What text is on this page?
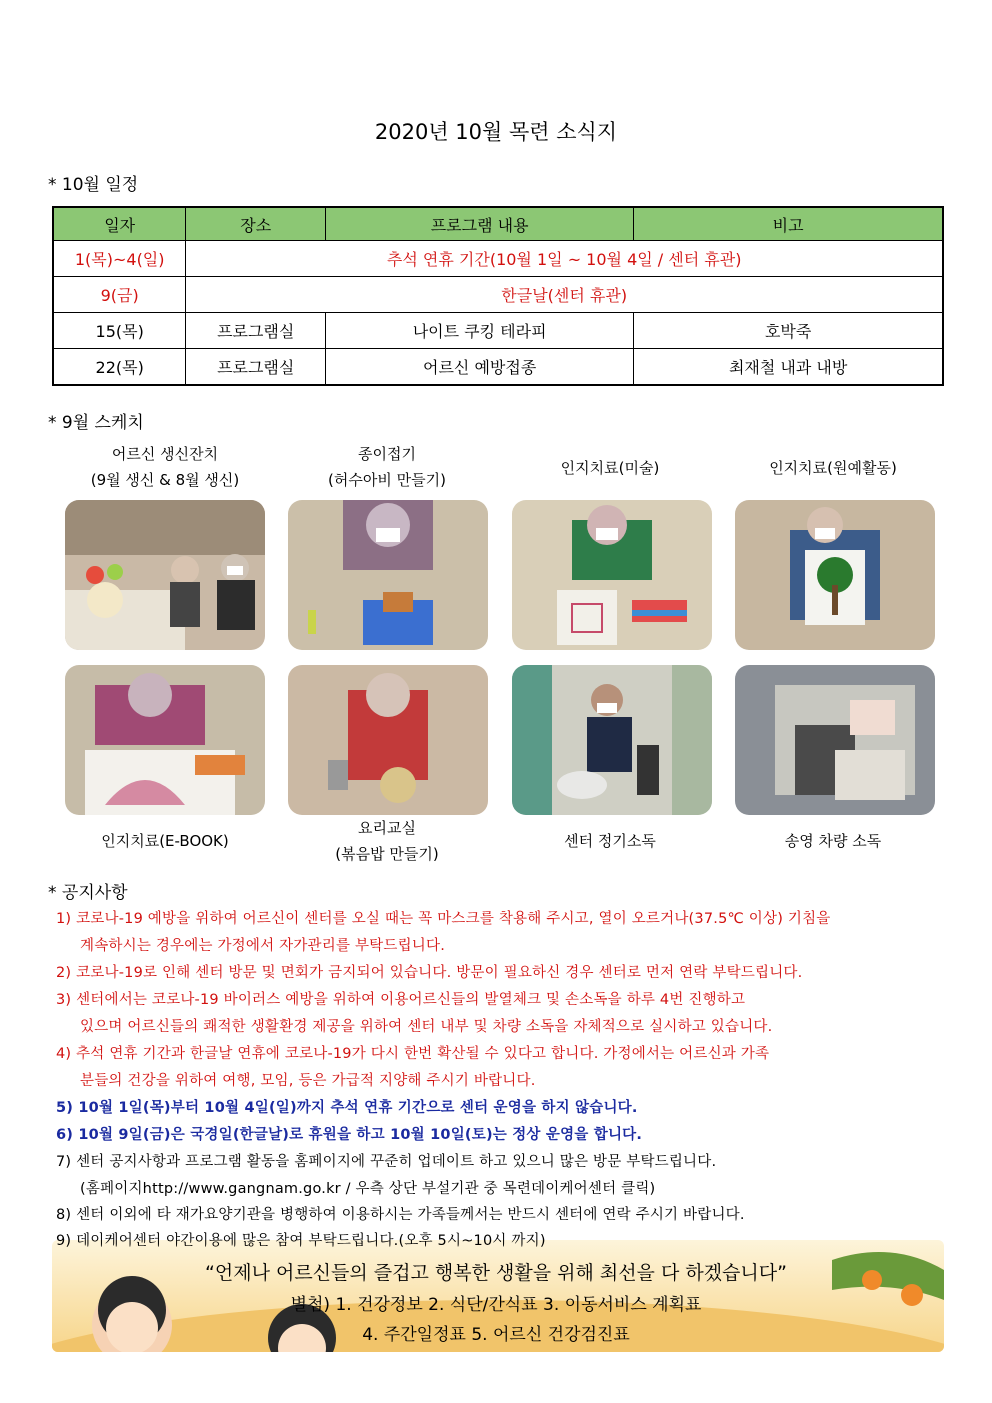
2020년 10월 목련 소식지
* 10월 일정
일자	장소	프로그램 내용	비고
1(목)~4(일)	추석 연휴 기간(10월 1일 ~ 10월 4일 / 센터 휴관)		
9(금)	한글날(센터 휴관)		
15(목)	프로그램실	나이트 쿠킹 테라피	호박죽
22(목)	프로그램실	어르신 예방접종	최재철 내과 내방
* 9월 스케치
어르신 생신잔치
(9월 생신 & 8월 생신)
종이접기
(허수아비 만들기)
인지치료(미술)	인지치료(원예활동)
인지치료(E-BOOK)
요리교실
(볶음밥 만들기)
센터 정기소독	송영 차량 소독
* 공지사항
1) 코로나-19 예방을 위하여 어르신이 센터를 오실 때는 꼭 마스크를 착용해 주시고, 열이 오르거나(37.5℃ 이상) 기침을
계속하시는 경우에는 가정에서 자가관리를 부탁드립니다.
2) 코로나-19로 인해 센터 방문 및 면회가 금지되어 있습니다. 방문이 필요하신 경우 센터로 먼저 연락 부탁드립니다.
3) 센터에서는 코로나-19 바이러스 예방을 위하여 이용어르신들의 발열체크 및 손소독을 하루 4번 진행하고
있으며 어르신들의 쾌적한 생활환경 제공을 위하여 센터 내부 및 차량 소독을 자체적으로 실시하고 있습니다.
4) 추석 연휴 기간과 한글날 연휴에 코로나-19가 다시 한번 확산될 수 있다고 합니다. 가정에서는 어르신과 가족
분들의 건강을 위하여 여행, 모임, 등은 가급적 지양해 주시기 바랍니다.
5) 10월 1일(목)부터 10월 4일(일)까지 추석 연휴 기간으로 센터 운영을 하지 않습니다.
6) 10월 9일(금)은 국경일(한글날)로 휴원을 하고 10월 10일(토)는 정상 운영을 합니다.
7) 센터 공지사항과 프로그램 활동을 홈페이지에 꾸준히 업데이트 하고 있으니 많은 방문 부탁드립니다.
(홈페이지http://www.gangnam.go.kr / 우측 상단 부설기관 중 목련데이케어센터 클릭)
8) 센터 이외에 타 재가요양기관을 병행하여 이용하시는 가족들께서는 반드시 센터에 연락 주시기 바랍니다.
9) 데이케어센터 야간이용에 많은 참여 부탁드립니다.(오후 5시~10시 까지)
“언제나 어르신들의 즐겁고 행복한 생활을 위해 최선을 다 하겠습니다”
별첨) 1. 건강정보 2. 식단/간식표 3. 이동서비스 계획표
4. 주간일정표 5. 어르신 건강검진표
